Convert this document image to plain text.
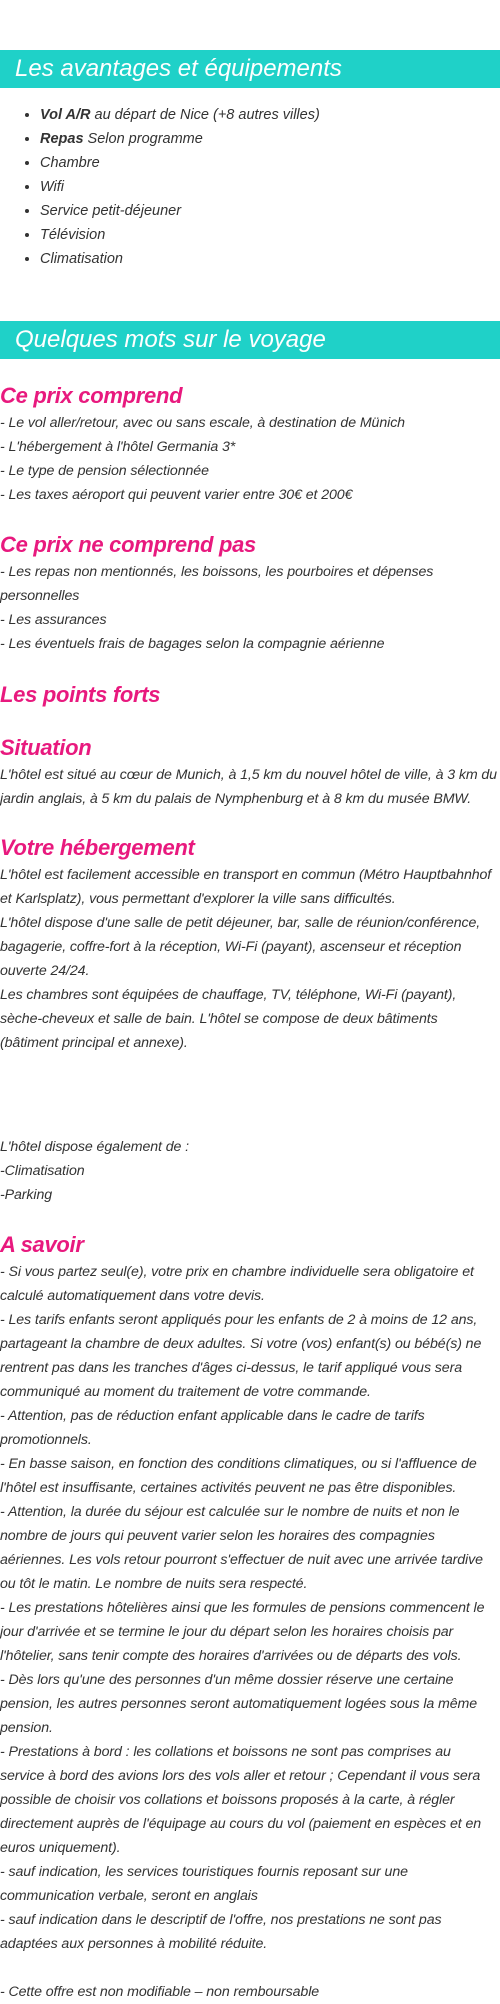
Les avantages et équipements
• Vol A/R au départ de Nice (+8 autres villes)
• Repas Selon programme
• Chambre
• Wifi
• Service petit-déjeuner
• Télévision
• Climatisation
Quelques mots sur le voyage
Ce prix comprend
- Le vol aller/retour, avec ou sans escale, à destination de Münich
- L'hébergement à l'hôtel Germania 3*
- Le type de pension sélectionnée
- Les taxes aéroport qui peuvent varier entre 30€ et 200€
Ce prix ne comprend pas
- Les repas non mentionnés, les boissons, les pourboires et dépenses personnelles
- Les assurances
- Les éventuels frais de bagages selon la compagnie aérienne
Les points forts
Situation
L'hôtel est situé au cœur de Munich, à 1,5 km du nouvel hôtel de ville, à 3 km du jardin anglais, à 5 km du palais de Nymphenburg et à 8 km du musée BMW.
Votre hébergement
L'hôtel est facilement accessible en transport en commun (Métro Hauptbahnhof et Karlsplatz), vous permettant d'explorer la ville sans difficultés.
L'hôtel dispose d'une salle de petit déjeuner, bar, salle de réunion/conférence, bagagerie, coffre-fort à la réception, Wi-Fi (payant), ascenseur et réception ouverte 24/24.
Les chambres sont équipées de chauffage, TV, téléphone, Wi-Fi (payant), sèche-cheveux et salle de bain. L'hôtel se compose de deux bâtiments (bâtiment principal et annexe).
L'hôtel dispose également de :
-Climatisation
-Parking
A savoir
- Si vous partez seul(e), votre prix en chambre individuelle sera obligatoire et calculé automatiquement dans votre devis.
- Les tarifs enfants seront appliqués pour les enfants de 2 à moins de 12 ans, partageant la chambre de deux adultes. Si votre (vos) enfant(s) ou bébé(s) ne rentrent pas dans les tranches d'âges ci-dessus, le tarif appliqué vous sera communiqué au moment du traitement de votre commande.
- Attention, pas de réduction enfant applicable dans le cadre de tarifs promotionnels.
- En basse saison, en fonction des conditions climatiques, ou si l'affluence de l'hôtel est insuffisante, certaines activités peuvent ne pas être disponibles.
- Attention, la durée du séjour est calculée sur le nombre de nuits et non le nombre de jours qui peuvent varier selon les horaires des compagnies aériennes. Les vols retour pourront s'effectuer de nuit avec une arrivée tardive ou tôt le matin. Le nombre de nuits sera respecté.
- Les prestations hôtelières ainsi que les formules de pensions commencent le jour d'arrivée et se termine le jour du départ selon les horaires choisis par l'hôtelier, sans tenir compte des horaires d'arrivées ou de départs des vols.
- Dès lors qu'une des personnes d'un même dossier réserve une certaine pension, les autres personnes seront automatiquement logées sous la même pension.
- Prestations à bord : les collations et boissons ne sont pas comprises au service à bord des avions lors des vols aller et retour ; Cependant il vous sera possible de choisir vos collations et boissons proposés à la carte, à régler directement auprès de l'équipage au cours du vol (paiement en espèces et en euros uniquement).
- sauf indication, les services touristiques fournis reposant sur une communication verbale, seront en anglais
- sauf indication dans le descriptif de l'offre, nos prestations ne sont pas adaptées aux personnes à mobilité réduite.
- Cette offre est non modifiable – non remboursable
